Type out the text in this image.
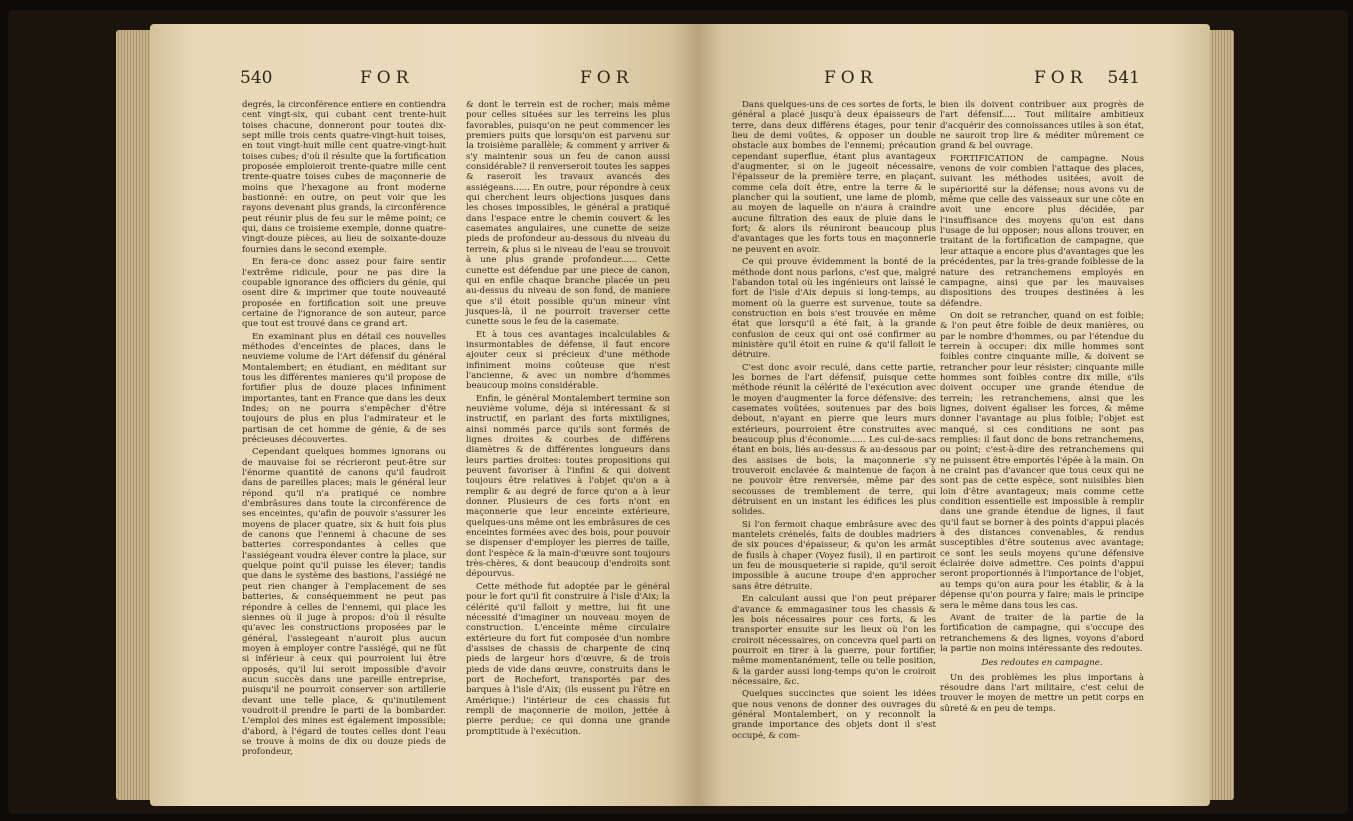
540	FOR	FOR

degrés, la circonférence entiere en contiendra cent vingt-six, qui cubant cent trente-huit toises chacune, donneront pour toutes dix-sept mille trois cents quatre-vingt-huit toises, en tout vingt-huit mille cent quatre-vingt-huit toises cubes; d'où il résulte que la fortification proposée emploieroit trente-quatre mille cent trente-quatre toises cubes de maçonnerie de moins que l'hexagone au front moderne bastionné: en outre, on peut voir que les rayons devenant plus grands, la circonférence peut réunir plus de feu sur le même point; ce qui, dans ce troisieme exemple, donne quatre-vingt-douze pièces, au lieu de soixante-douze fournies dans le second exemple.

En fera-ce donc assez pour faire sentir l'extrême ridicule, pour ne pas dire la coupable ignorance des officiers du génie, qui osent dire & imprimer que toute nouveauté proposée en fortification soit une preuve certaine de l'ignorance de son auteur, parce que tout est trouvé dans ce grand art.

En examinant plus en détail ces nouvelles méthodes d'enceintes de places, dans le neuvieme volume de l'Art défensif du général Montalembert; en étudiant, en méditant sur tous les différentes manieres qu'il propose de fortifier plus de douze places infiniment importantes, tant en France que dans les deux Indes; on ne pourra s'empêcher d'être toujours de plus en plus l'admirateur et le partisan de cet homme de génie, & de ses précieuses découvertes.

Cependant quelques hommes ignorans ou de mauvaise foi se récrieront peut-être sur l'énorme quantité de canons qu'il faudroit dans de pareilles places; mais le général leur répond qu'il n'a pratiqué ce nombre d'embrâsures dans toute la circonférence de ses enceintes, qu'afin de pouvoir s'assurer les moyens de placer quatre, six & huit fois plus de canons que l'ennemi à chacune de ses batteries correspondantes à celles que l'assiégeant voudra élever contre la place, sur quelque point qu'il puisse les élever; tandis que dans le système des bastions, l'assiégé ne peut rien changer à l'emplacement de ses batteries, & conséquemment ne peut pas répondre à celles de l'ennemi, qui place les siennes où il juge à propos: d'où il résulte qu'avec les constructions proposées par le général, l'assiegeant n'auroit plus aucun moyen à employer contre l'assiégé, qui ne fût si inférieur à ceux qui pourroient lui être opposés, qu'il lui seroit impossible d'avoir aucun succès dans une pareille entreprise, puisqu'il ne pourroit conserver son artillerie devant une telle place, & qu'inutilement voudroit-il prendre le parti de la bombarder. L'emploi des mines est également impossible; d'abord, à l'égard de toutes celles dont l'eau se trouve à moins de dix ou douze pieds de profondeur,

& dont le terrein est de rocher; mais même pour celles situées sur les terreins les plus favorables, puisqu'on ne peut commencer les premiers puits que lorsqu'on est parvenu sur la troisième parallèle; & comment y arriver & s'y maintenir sous un feu de canon aussi considérable? il renverseroit toutes les sappes & raseroit les travaux avancés des assiégeans...... En outre, pour répondre à ceux qui cherchent leurs objections jusques dans les choses impossibles, le général a pratiqué dans l'espace entre le chemin couvert & les casemates angulaires, une cunette de seize pieds de profondeur au-dessous du niveau du terrein, & plus si le niveau de l'eau se trouvoit à une plus grande profondeur...... Cette cunette est défendue par une piece de canon, qui en enfile chaque branche placée un peu au-dessus du niveau de son fond, de maniere que s'il étoit possible qu'un mineur vînt jusques-là, il ne pourroit traverser cette cunette sous le feu de la casemate.

Et à tous ces avantages incalculables & insurmontables de défense, il faut encore ajouter ceux si précieux d'une méthode infiniment moins coûteuse que n'est l'ancienne, & avec un nombre d'hommes beaucoup moins considérable.

Enfin, le général Montalembert termine son neuvième volume, déja si intéressant & si instructif, en parlant des forts mixtilignes, ainsi nommés parce qu'ils sont formés de lignes droites & courbes de différens diamètres & de différentes longueurs dans leurs parties droites: toutes propositions qui peuvent favoriser à l'infini & qui doivent toujours être relatives à l'objet qu'on a à remplir & au degré de force qu'on a à leur donner. Plusieurs de ces forts n'ont en maçonnerie que leur enceinte extérieure, quelques-uns même ont les embrâsures de ces enceintes formées avec des bois, pour pouvoir se dispenser d'employer les pierres de taille, dont l'espèce & la main-d'œuvre sont toujours très-chères, & dont beaucoup d'endroits sont dépourvus.

Cette méthode fut adoptée par le général pour le fort qu'il fit construire à l'isle d'Aix; la célérité qu'il falloit y mettre, lui fit une nécessité d'imaginer un nouveau moyen de construction. L'enceinte même circulaire extérieure du fort fut composée d'un nombre d'assises de chassis de charpente de cinq pieds de largeur hors d'œuvre, & de trois pieds de vide dans œuvre, construits dans le port de Rochefort, transportés par des barques à l'isle d'Aix; (ils eussent pu l'être en Amérique:) l'intérieur de ces chassis fut rempli de maçonnerie de moilon, jettée à pierre perdue; ce qui donna une grande promptitude à l'exécution.

FOR	FOR 541

Dans quelques-uns de ces sortes de forts, le général a placé jusqu'à deux épaisseurs de terre, dans deux différens étages, pour tenir lieu de demi voûtes, & opposer un double obstacle aux bombes de l'ennemi; précaution cependant superflue, étant plus avantageux d'augmenter, si on le jugeoit nécessaire, l'épaisseur de la première terre, en plaçant, comme cela doit être, entre la terre & le plancher qui la soutient, une lame de plomb, au moyen de laquelle on n'aura à craindre aucune filtration des eaux de pluie dans le fort; & alors ils réuniront beaucoup plus d'avantages que les forts tous en maçonnerie ne peuvent en avoir.

Ce qui prouve évidemment la bonté de la méthode dont nous parlons, c'est que, malgré l'abandon total où les ingénieurs ont laissé le fort de l'isle d'Aix depuis si long-temps, au moment où la guerre est survenue, toute sa construction en bois s'est trouvée en même état que lorsqu'il a été fait, à la grande confusion de ceux qui ont osé confirmer au ministère qu'il étoit en ruine & qu'il falloit le détruire.

C'est donc avoir reculé, dans cette partie, les bornes de l'art défensif, puisque cette méthode réunit la célérité de l'exécution avec le moyen d'augmenter la force défensive: des casemates voûtées, soutenues par des bois debout, n'ayant en pierre que leurs murs extérieurs, pourroient être construites avec beaucoup plus d'économie...... Les cul-de-sacs étant en bois, liés au-dessus & au-dessous par des assises de bois, la maçonnerie s'y trouveroit enclavée & maintenue de façon à ne pouvoir être renversée, même par des secousses de tremblement de terre, qui détruisent en un instant les édifices les plus solides.

Si l'on fermoit chaque embrâsure avec des mantelets crénelés, faits de doubles madriers de six pouces d'épaisseur, & qu'on les armât de fusils à chaper (Voyez fusil), il en partiroit un feu de mousqueterie si rapide, qu'il seroit impossible à aucune troupe d'en approcher sans être détruite.

En calculant aussi que l'on peut préparer d'avance & emmagasiner tous les chassis & les bois nécessaires pour ces forts, & les transporter ensuite sur les lieux où l'on les croiroit nécessaires, on concevra quel parti on pourroit en tirer à la guerre, pour fortifier, même momentanément, telle ou telle position, & la garder aussi long-temps qu'on le croiroit nécessaire, &c.

Quelques succinctes que soient les idées que nous venons de donner des ouvrages du général Montalembert, on y reconnoît la grande importance des objets dont il s'est occupé, & com-

bien ils doivent contribuer aux progrès de l'art défensif..... Tout militaire ambitieux d'acquérir des connoissances utiles à son état, ne sauroit trop lire & méditer mûrement ce grand & bel ouvrage.

FORTIFICATION de campagne. Nous venons de voir combien l'attaque des places, suivant les méthodes usitées, avoit de supériorité sur la défense; nous avons vu de même que celle des vaisseaux sur une côte en avoit une encore plus décidée, par l'insuffisance des moyens qu'on est dans l'usage de lui opposer; nous allons trouver, en traitant de la fortification de campagne, que leur attaque a encore plus d'avantages que les précédentes, par la très-grande foiblesse de la nature des retranchemens employés en campagne, ainsi que par les mauvaises dispositions des troupes destinées à les défendre.

On doit se retrancher, quand on est foible; & l'on peut être foible de deux manières, ou par le nombre d'hommes, ou par l'étendue du terrein à occuper: dix mille hommes sont foibles contre cinquante mille, & doivent se retrancher pour leur résister; cinquante mille hommes sont foibles contre dix mille, s'ils doivent occuper une grande étendue de terrein; les retranchemens, ainsi que les lignes, doivent égaliser les forces, & même donner l'avantage au plus foible; l'objet est manqué, si ces conditions ne sont pas remplies: il faut donc de bons retranchemens, ou point; c'est-à-dire des retranchemens qui ne puissent être emportés l'épée à la main. On ne craint pas d'avancer que tous ceux qui ne sont pas de cette espèce, sont nuisibles bien loin d'être avantageux; mais comme cette condition essentielle est impossible à remplir dans une grande étendue de lignes, il faut qu'il faut se borner à des points d'appui placés à des distances convenables, & rendus susceptibles d'être soutenus avec avantage; ce sont les seuls moyens qu'une défensive éclairée doive admettre. Ces points d'appui seront proportionnés à l'importance de l'objet, au temps qu'on aura pour les établir, & à la dépense qu'on pourra y faire; mais le principe sera le même dans tous les cas.

Avant de traiter de la partie de la fortification de campagne, qui s'occupe des retranchemens & des lignes, voyons d'abord la partie non moins intéressante des redoutes.

Des redoutes en campagne.

Un des problèmes les plus importans à résoudre dans l'art militaire, c'est celui de trouver le moyen de mettre un petit corps en sûreté & en peu de temps.
